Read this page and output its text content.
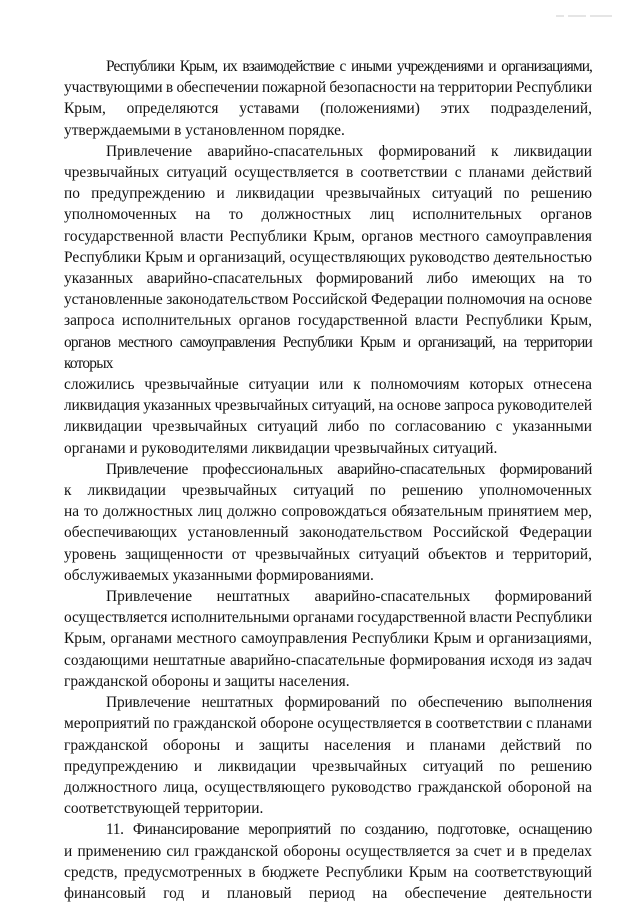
Республики Крым, их взаимодействие с иными учреждениями и организациями,
участвующими в обеспечении пожарной безопасности на территории Республики
Крым, определяются уставами (положениями) этих подразделений,
утверждаемыми в установленном порядке.
Привлечение аварийно-спасательных формирований к ликвидации
чрезвычайных ситуаций осуществляется в соответствии с планами действий
по предупреждению и ликвидации чрезвычайных ситуаций по решению
уполномоченных на то должностных лиц исполнительных органов
государственной власти Республики Крым, органов местного самоуправления
Республики Крым и организаций, осуществляющих руководство деятельностью
указанных аварийно-спасательных формирований либо имеющих на то
установленные законодательством Российской Федерации полномочия на основе
запроса исполнительных органов государственной власти Республики Крым,
органов местного самоуправления Республики Крым и организаций, на территории которых
сложились чрезвычайные ситуации или к полномочиям которых отнесена
ликвидация указанных чрезвычайных ситуаций, на основе запроса руководителей
ликвидации чрезвычайных ситуаций либо по согласованию с указанными
органами и руководителями ликвидации чрезвычайных ситуаций.
Привлечение профессиональных аварийно-спасательных формирований
к ликвидации чрезвычайных ситуаций по решению уполномоченных
на то должностных лиц должно сопровождаться обязательным принятием мер,
обеспечивающих установленный законодательством Российской Федерации
уровень защищенности от чрезвычайных ситуаций объектов и территорий,
обслуживаемых указанными формированиями.
Привлечение нештатных аварийно-спасательных формирований
осуществляется исполнительными органами государственной власти Республики
Крым, органами местного самоуправления Республики Крым и организациями,
создающими нештатные аварийно-спасательные формирования исходя из задач
гражданской обороны и защиты населения.
Привлечение нештатных формирований по обеспечению выполнения
мероприятий по гражданской обороне осуществляется в соответствии с планами
гражданской обороны и защиты населения и планами действий по
предупреждению и ликвидации чрезвычайных ситуаций по решению
должностного лица, осуществляющего руководство гражданской обороной на
соответствующей территории.
11. Финансирование мероприятий по созданию, подготовке, оснащению
и применению сил гражданской обороны осуществляется за счет и в пределах
средств, предусмотренных в бюджете Республики Крым на соответствующий
финансовый год и плановый период на обеспечение деятельности
